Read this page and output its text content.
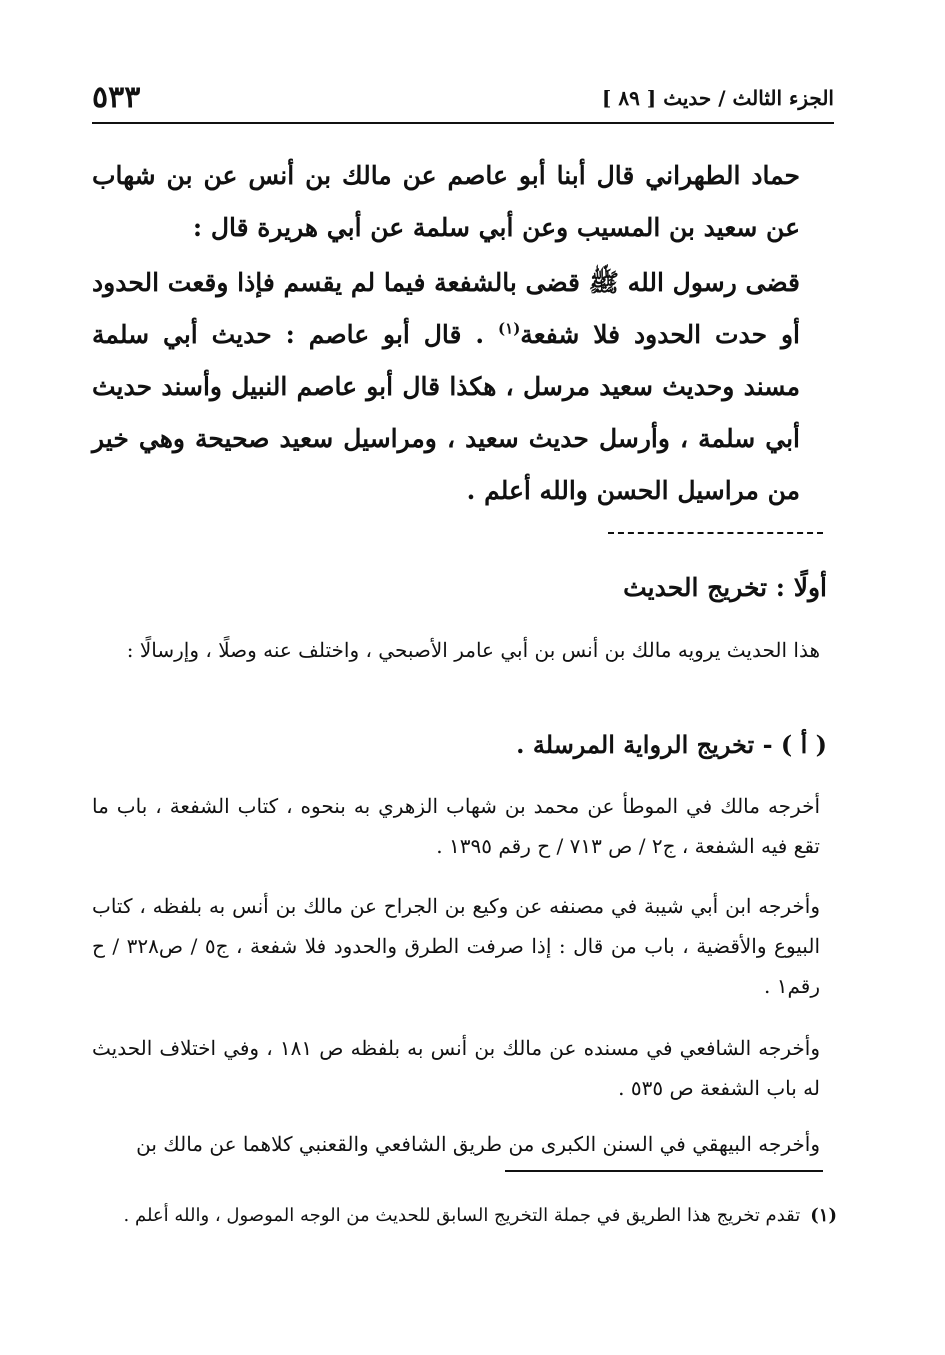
الجزء الثالث / حديث [ ٨٩ ]
٥٣٣

حماد الطهراني قال أبنا أبو عاصم عن مالك بن أنس عن بن شهاب عن سعيد بن المسيب وعن أبي سلمة عن أبي هريرة قال :

قضى رسول الله ﷺ قضى بالشفعة فيما لم يقسم فإذا وقعت الحدود أو حدت الحدود فلا شفعة$^{(١)}$ . قال أبو عاصم : حديث أبي سلمة مسند وحديث سعيد مرسل ، هكذا قال أبو عاصم النبيل وأسند حديث أبي سلمة ، وأرسل حديث سعيد ، ومراسيل سعيد صحيحة وهي خير من مراسيل الحسن والله أعلم .

أولًا : تخريج الحديث

هذا الحديث يرويه مالك بن أنس بن أبي عامر الأصبحي ، واختلف عنه وصلًا ، وإرسالًا :

( أ ) - تخريج الرواية المرسلة .

أخرجه مالك في الموطأ عن محمد بن شهاب الزهري به بنحوه ، كتاب الشفعة ، باب ما تقع فيه الشفعة ، ج٢ / ص ٧١٣ / ح رقم ١٣٩٥ .

وأخرجه ابن أبي شيبة في مصنفه عن وكيع بن الجراح عن مالك بن أنس به بلفظه ، كتاب البيوع والأقضية ، باب من قال : إذا صرفت الطرق والحدود فلا شفعة ، ج٥ / ص٣٢٨ / ح رقم١ .

وأخرجه الشافعي في مسنده عن مالك بن أنس به بلفظه ص ١٨١ ، وفي اختلاف الحديث له باب الشفعة ص ٥٣٥ .

وأخرجه البيهقي في السنن الكبرى من طريق الشافعي والقعنبي كلاهما عن مالك بن

(١)تقدم تخريج هذا الطريق في جملة التخريج السابق للحديث من الوجه الموصول ، والله أعلم .
